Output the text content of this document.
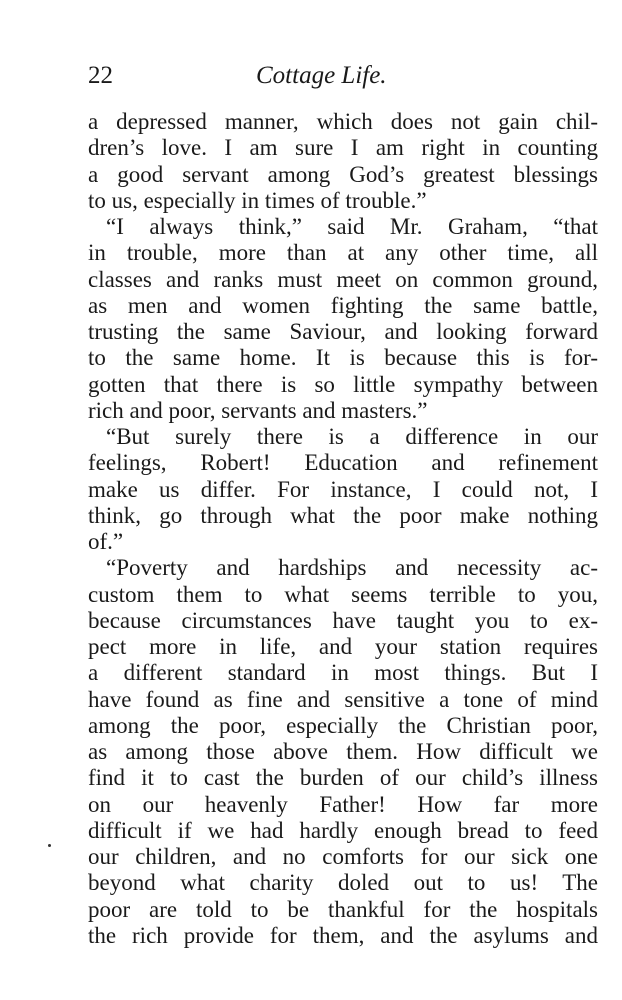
22	Cottage Life.
a depressed manner, which does not gain chil-
dren’s love. I am sure I am right in counting
a good servant among God’s greatest blessings
to us, especially in times of trouble.”
“I always think,” said Mr. Graham, “that
in trouble, more than at any other time, all
classes and ranks must meet on common ground,
as men and women fighting the same battle,
trusting the same Saviour, and looking forward
to the same home. It is because this is for-
gotten that there is so little sympathy between
rich and poor, servants and masters.”
“But surely there is a difference in our
feelings, Robert! Education and refinement
make us differ. For instance, I could not, I
think, go through what the poor make nothing
of.”
“Poverty and hardships and necessity ac-
custom them to what seems terrible to you,
because circumstances have taught you to ex-
pect more in life, and your station requires
a different standard in most things. But I
have found as fine and sensitive a tone of mind
among the poor, especially the Christian poor,
as among those above them. How difficult we
find it to cast the burden of our child’s illness
on our heavenly Father! How far more
difficult if we had hardly enough bread to feed
our children, and no comforts for our sick one
beyond what charity doled out to us! The
poor are told to be thankful for the hospitals
the rich provide for them, and the asylums and
